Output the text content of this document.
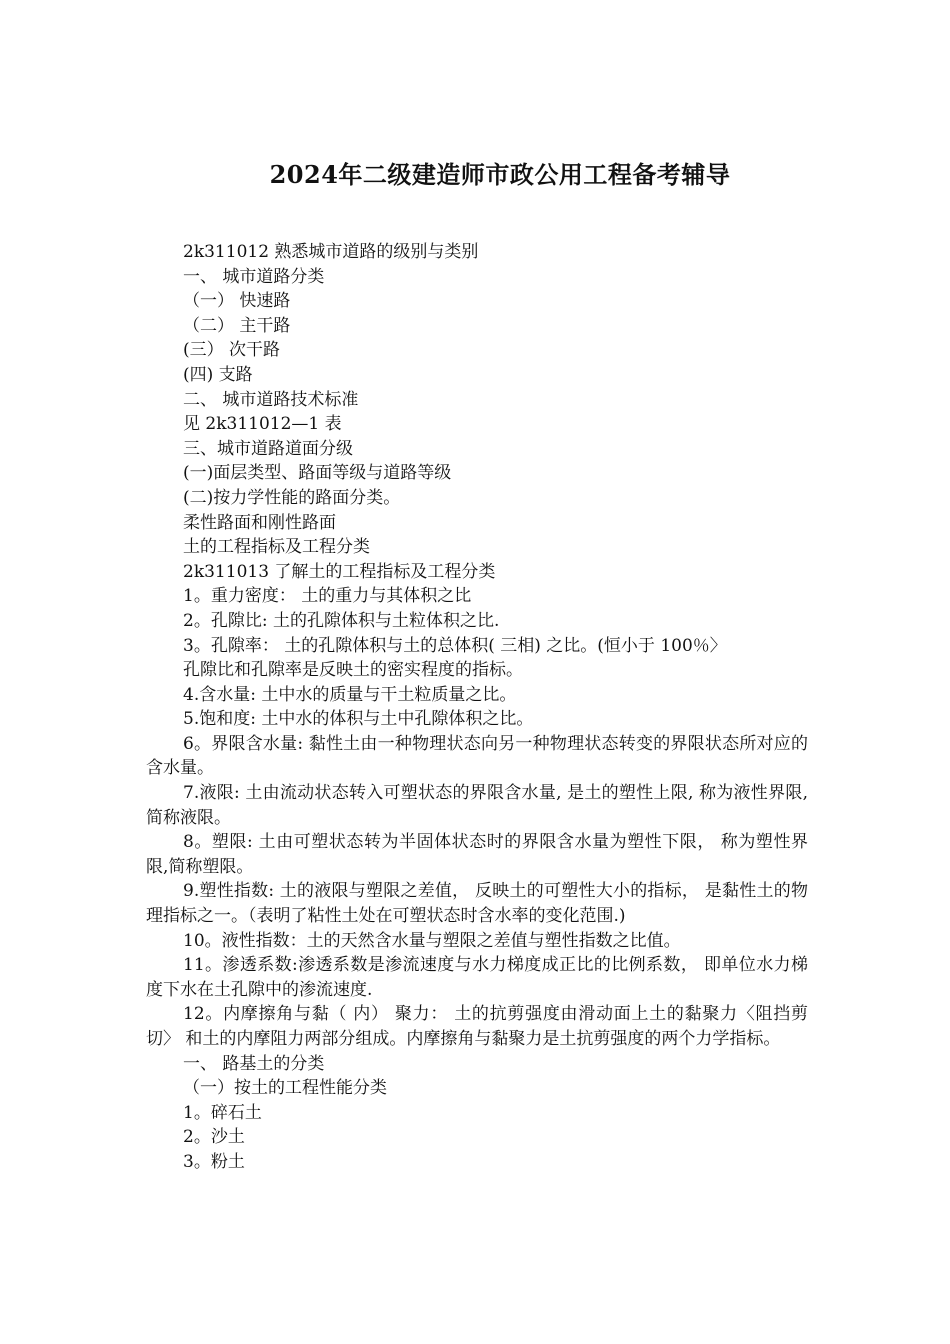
2024年二级建造师市政公用工程备考辅导
2k311012 熟悉城市道路的级别与类别
一、 城市道路分类
（一） 快速路
（二） 主干路
(三） 次干路
(四) 支路
二、 城市道路技术标准
见 2k311012—1 表
三、城市道路道面分级
(一)面层类型、路面等级与道路等级
(二)按力学性能的路面分类。
柔性路面和刚性路面
土的工程指标及工程分类
2k311013 了解土的工程指标及工程分类
1。重力密度： 土的重力与其体积之比
2。孔隙比: 土的孔隙体积与土粒体积之比.
3。孔隙率： 土的孔隙体积与土的总体积( 三相) 之比。(恒小于 100％〉
孔隙比和孔隙率是反映土的密实程度的指标。
4.含水量: 土中水的质量与干土粒质量之比。
5.饱和度: 土中水的体积与土中孔隙体积之比。
6。界限含水量: 黏性土由一种物理状态向另一种物理状态转变的界限状态所对应的含水量。
7.液限: 土由流动状态转入可塑状态的界限含水量, 是土的塑性上限, 称为液性界限, 简称液限。
8。塑限: 土由可塑状态转为半固体状态时的界限含水量为塑性下限， 称为塑性界限,简称塑限。
9.塑性指数: 土的液限与塑限之差值， 反映土的可塑性大小的指标， 是黏性土的物 理指标之一。（表明了粘性土处在可塑状态时含水率的变化范围.)
10。液性指数：土的天然含水量与塑限之差值与塑性指数之比值。
11。渗透系数:渗透系数是渗流速度与水力梯度成正比的比例系数， 即单位水力梯度下水在土孔隙中的渗流速度.
12。内摩擦角与黏（ 内） 聚力： 土的抗剪强度由滑动面上土的黏聚力〈阻挡剪切〉 和土的内摩阻力两部分组成。内摩擦角与黏聚力是土抗剪强度的两个力学指标。
一、 路基土的分类
（一）按土的工程性能分类
1。碎石土
2。沙土
3。粉土
